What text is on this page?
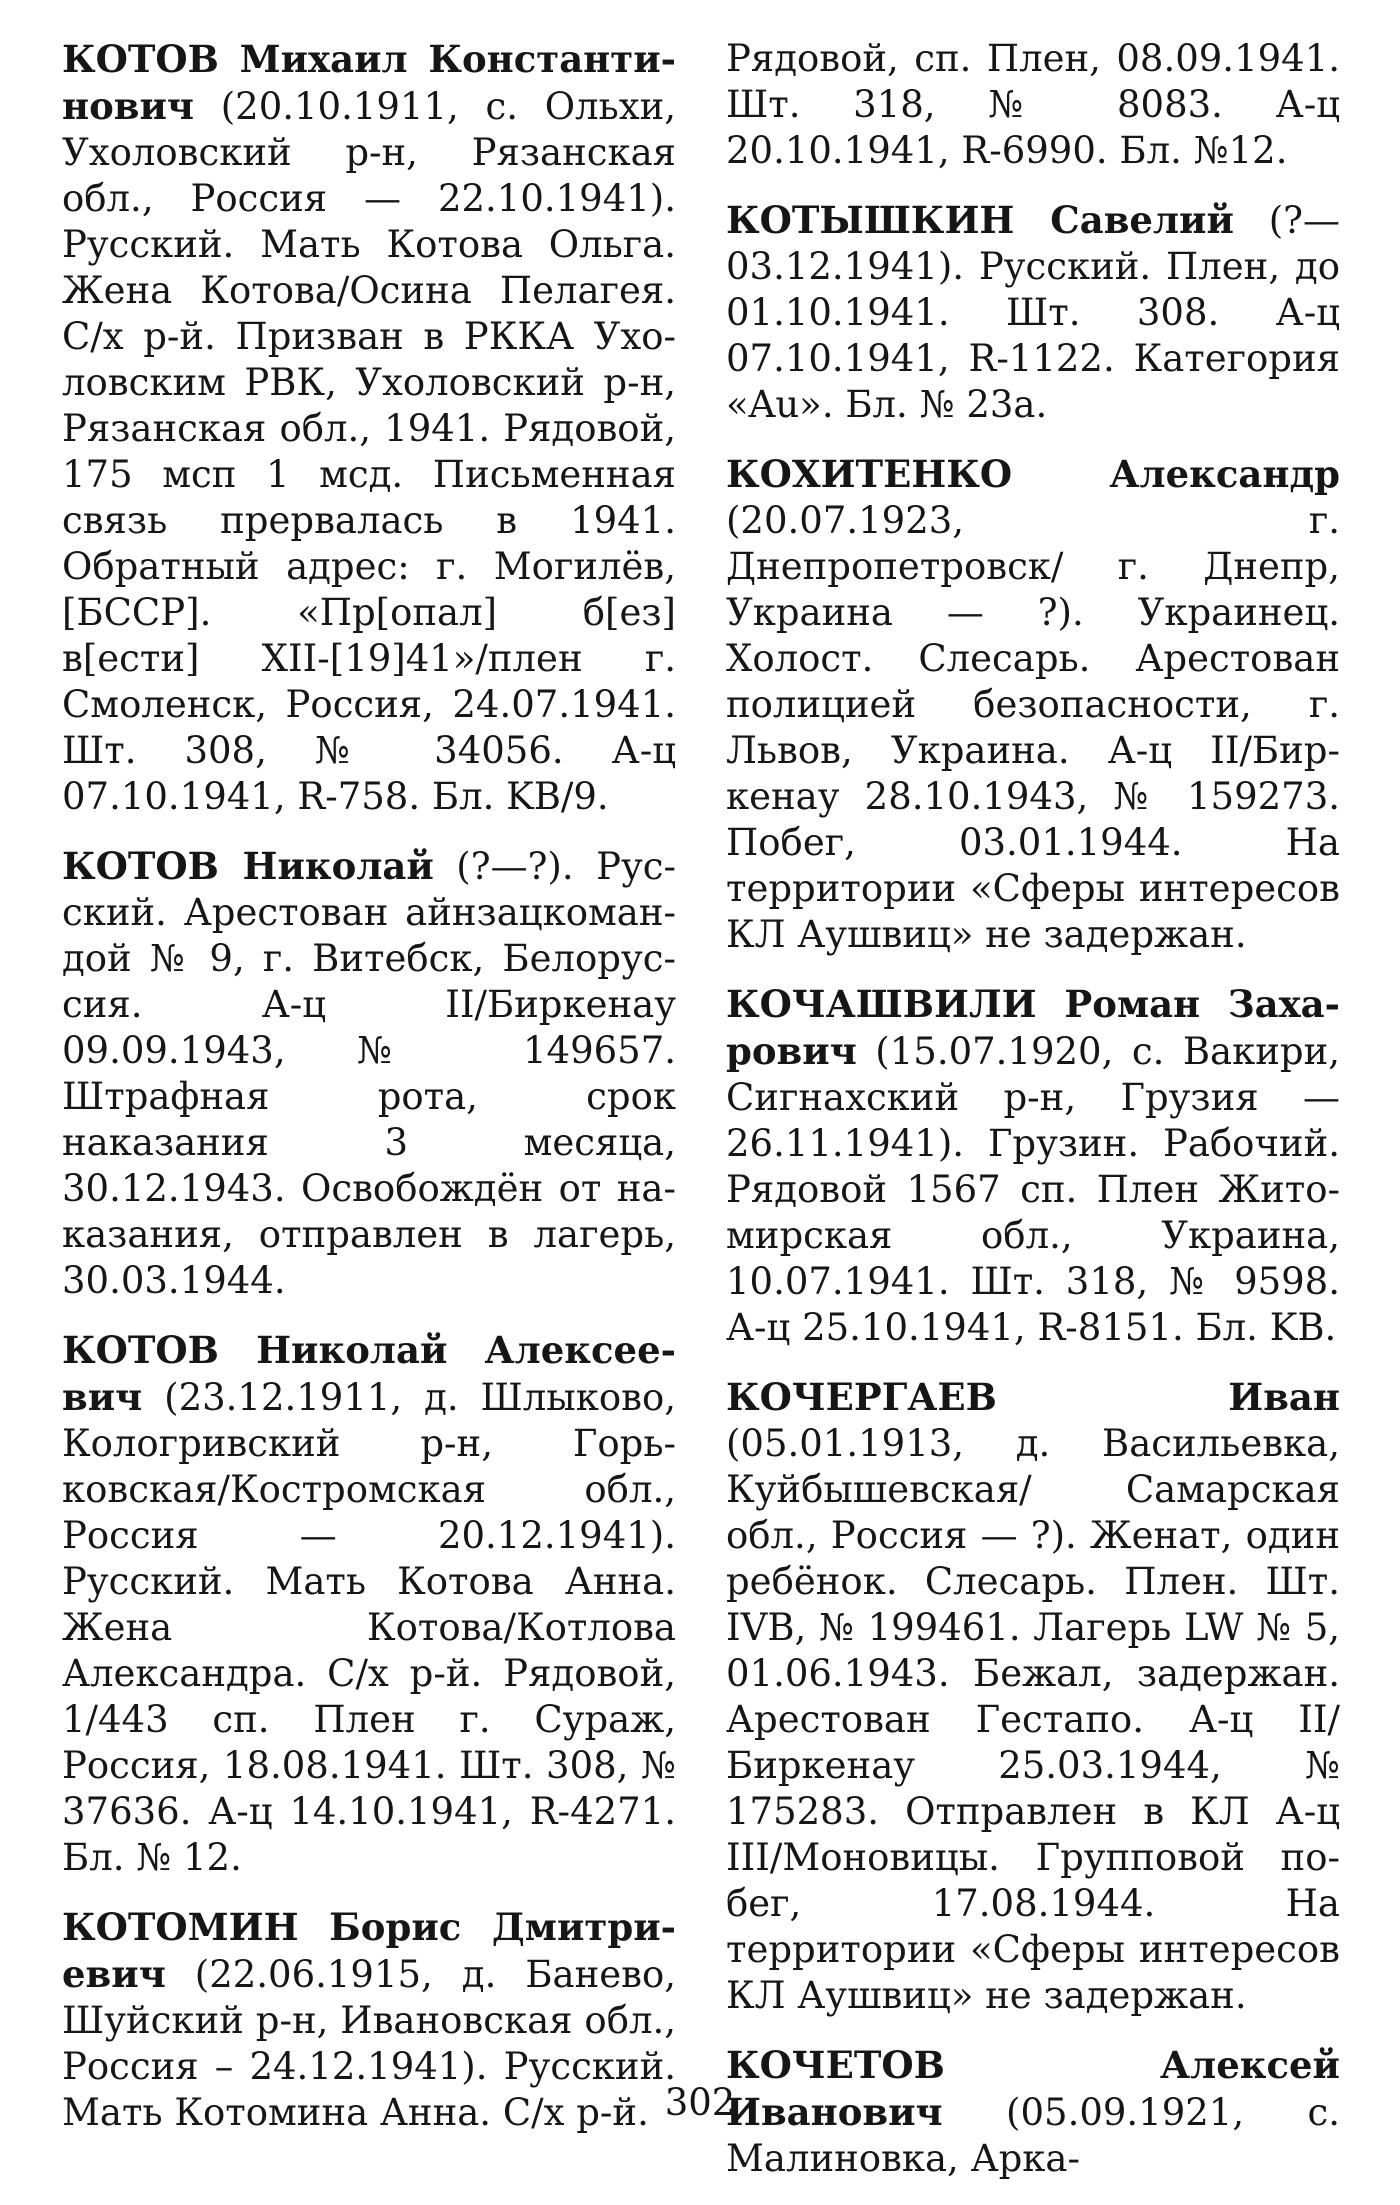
КОТОВ Михаил Константинович (20.10.1911, с. Ольхи, Ухоловский р-н, Рязанская обл., Россия — 22.10.1941). Русский. Мать Котова Ольга. Жена Котова/Осина Пелагея. С/х р-й. Призван в РККА Ухоловским РВК, Ухоловский р-н, Рязанская обл., 1941. Рядовой, 175 мсп 1 мсд. Письменная связь прервалась в 1941. Обратный адрес: г. Могилёв, [БССР]. «Пр[опал] б[ез] в[ести] XII-[19]41»/плен г. Смоленск, Россия, 24.07.1941. Шт. 308, № 34056. А-ц 07.10.1941, R-758. Бл. KB/9.

КОТОВ Николай (?—?). Русский. Арестован айнзацкомандой № 9, г. Витебск, Белоруссия. А-ц II/Биркенау 09.09.1943, № 149657. Штрафная рота, срок наказания 3 месяца, 30.12.1943. Освобождён от наказания, отправлен в лагерь, 30.03.1944.

КОТОВ Николай Алексеевич (23.12.1911, д. Шлыково, Кологривский р-н, Горьковская/Костромская обл., Россия — 20.12.1941). Русский. Мать Котова Анна. Жена Котова/Котлова Александра. С/х р-й. Рядовой, 1/443 сп. Плен г. Сураж, Россия, 18.08.1941. Шт. 308, № 37636. А-ц 14.10.1941, R-4271. Бл. № 12.

КОТОМИН Борис Дмитриевич (22.06.1915, д. Банево, Шуйский р-н, Ивановская обл., Россия – 24.12.1941). Русский. Мать Котомина Анна. С/х р-й.

Рядовой, сп. Плен, 08.09.1941. Шт. 318, № 8083. А-ц 20.10.1941, R-6990. Бл. №12.

КОТЫШКИН Савелий (?—03.12.1941). Русский. Плен, до 01.10.1941. Шт. 308. А-ц 07.10.1941, R-1122. Категория «Au». Бл. № 23а.

КОХИТЕНКО Александр (20.07.1923, г. Днепропетровск/ г. Днепр, Украина — ?). Украинец. Холост. Слесарь. Арестован полицией безопасности, г. Львов, Украина. А-ц II/Биркенау 28.10.1943, № 159273. Побег, 03.01.1944. На территории «Сферы интересов КЛ Аушвиц» не задержан.

КОЧАШВИЛИ Роман Захарович (15.07.1920, с. Вакири, Сигнахский р-н, Грузия — 26.11.1941). Грузин. Рабочий. Рядовой 1567 сп. Плен Житомирская обл., Украина, 10.07.1941. Шт. 318, № 9598. А-ц 25.10.1941, R-8151. Бл. KB.

КОЧЕРГАЕВ Иван (05.01.1913, д. Васильевка, Куйбышевская/ Самарская обл., Россия — ?). Женат, один ребёнок. Слесарь. Плен. Шт. IVB, № 199461. Лагерь LW № 5, 01.06.1943. Бежал, задержан. Арестован Гестапо. А-ц II/Биркенау 25.03.1944, № 175283. Отправлен в КЛ А-ц III/Моновицы. Групповой побег, 17.08.1944. На территории «Сферы интересов КЛ Аушвиц» не задержан.

КОЧЕТОВ Алексей Иванович (05.09.1921, с. Малиновка, Арка-

302
